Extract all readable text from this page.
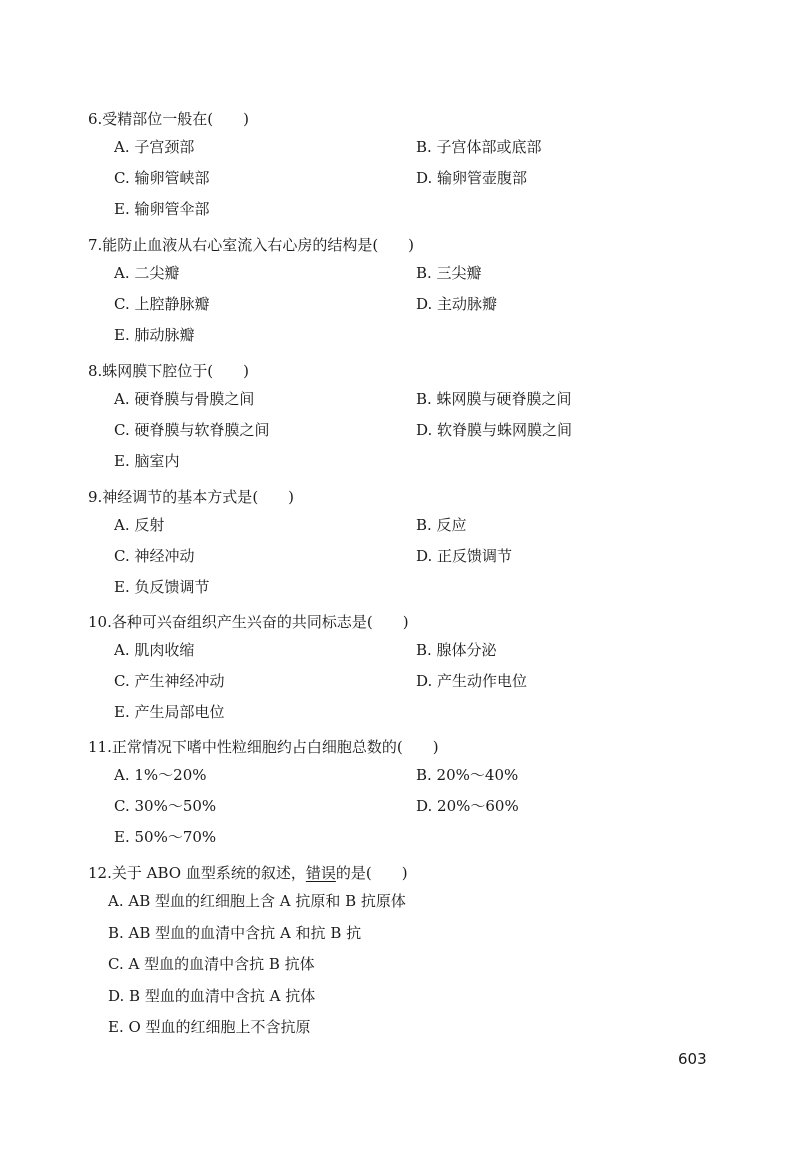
6.受精部位一般在(　　)

A. 子宫颈部	B. 子宫体部或底部
C. 输卵管峡部	D. 输卵管壶腹部
E. 输卵管伞部

7.能防止血液从右心室流入右心房的结构是(　　)

A. 二尖瓣	B. 三尖瓣
C. 上腔静脉瓣	D. 主动脉瓣
E. 肺动脉瓣

8.蛛网膜下腔位于(　　)

A. 硬脊膜与骨膜之间	B. 蛛网膜与硬脊膜之间
C. 硬脊膜与软脊膜之间	D. 软脊膜与蛛网膜之间
E. 脑室内

9.神经调节的基本方式是(　　)

A. 反射	B. 反应
C. 神经冲动	D. 正反馈调节
E. 负反馈调节

10.各种可兴奋组织产生兴奋的共同标志是(　　)

A. 肌肉收缩	B. 腺体分泌
C. 产生神经冲动	D. 产生动作电位
E. 产生局部电位

11.正常情况下嗜中性粒细胞约占白细胞总数的(　　)

A. 1%～20%	B. 20%～40%
C. 30%～50%	D. 20%～60%
E. 50%～70%

12.关于 ABO 血型系统的叙述，错误的是(　　)

A. AB 型血的红细胞上含 A 抗原和 B 抗原体
B. AB 型血的血清中含抗 A 和抗 B 抗
C. A 型血的血清中含抗 B 抗体
D. B 型血的血清中含抗 A 抗体
E. O 型血的红细胞上不含抗原
603
